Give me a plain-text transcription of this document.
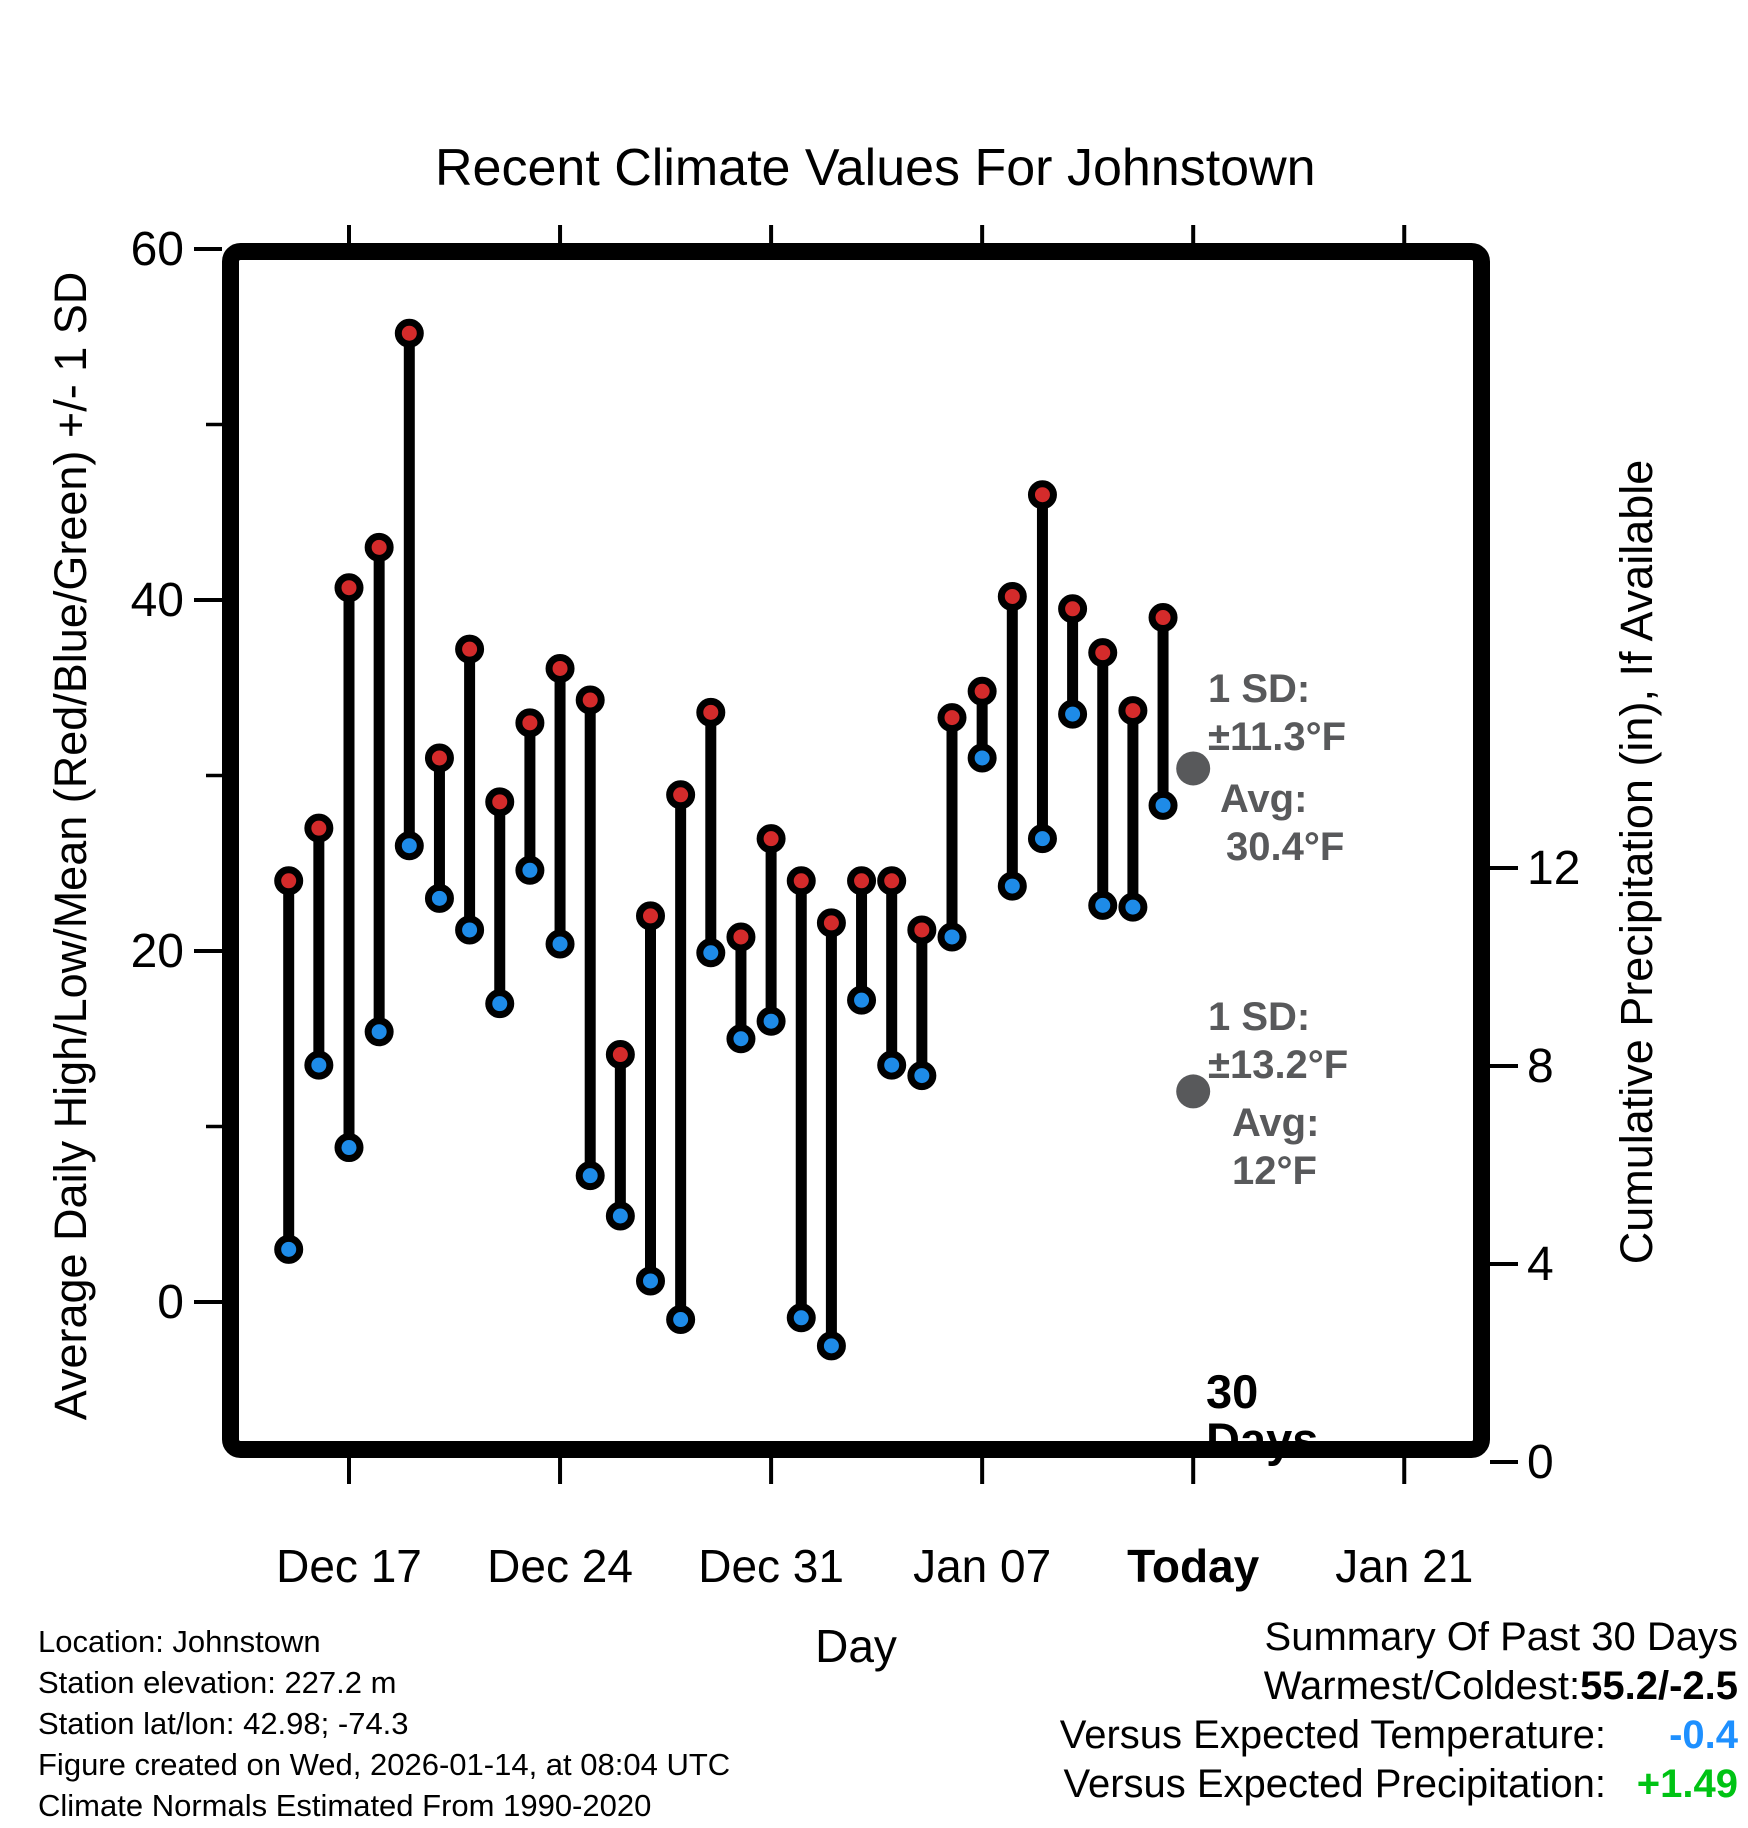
1 SD:
±11.3°F
Avg:
30.4°F
1 SD:
±13.2°F
Avg:
12°F
30
Days
0
20
40
60
0
4
8
12
Dec 17 Dec 24 Dec 31 Jan 07 Today Jan 21
Day
Average Daily High/Low/Mean (Red/Blue/Green) +/- 1 SD	Cumulative Precipitation (in), If Available
Recent Climate Values For Johnstown
Location: Johnstown
Station elevation: 227.2 m
Station lat/lon: 42.98; -74.3
Figure created on Wed, 2026-01-14, at 08:04 UTC
Climate Normals Estimated From 1990-2020
Summary Of Past 30 Days
Warmest/Coldest:55.2/-2.5
Versus Expected Temperature: -0.4
Versus Expected Precipitation: +1.49
